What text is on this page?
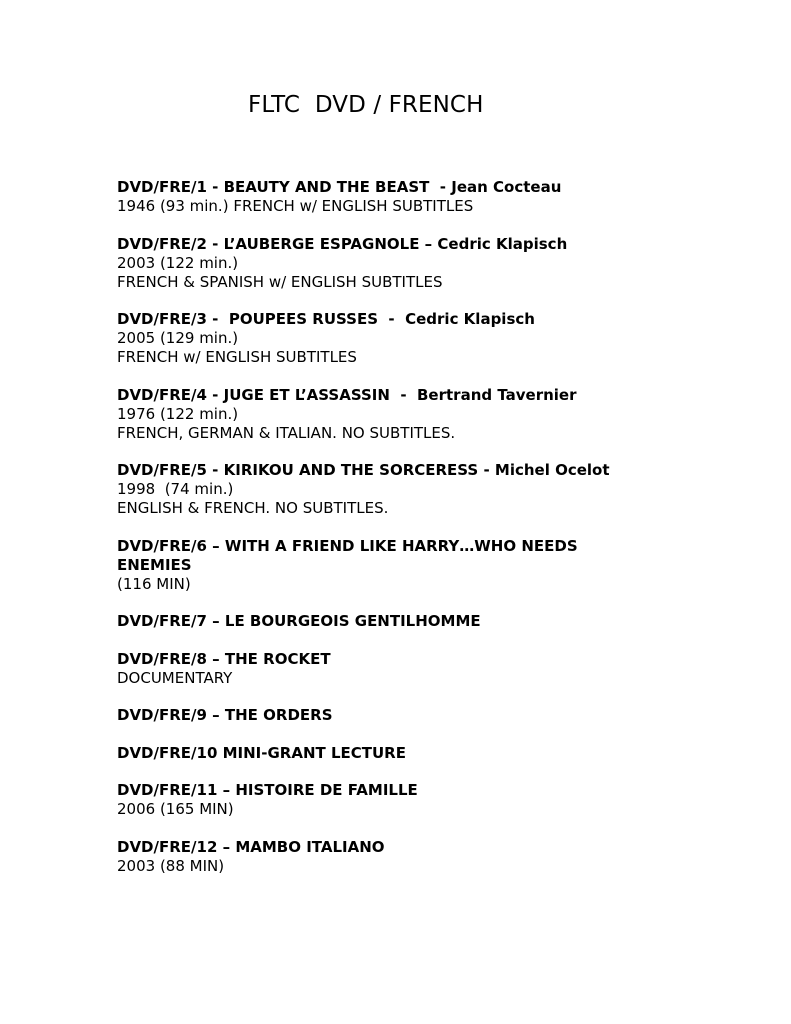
FLTC  DVD / FRENCH
DVD/FRE/1 - BEAUTY AND THE BEAST  - Jean Cocteau
1946 (93 min.) FRENCH w/ ENGLISH SUBTITLES
DVD/FRE/2 - L’AUBERGE ESPAGNOLE – Cedric Klapisch
2003 (122 min.)
FRENCH & SPANISH w/ ENGLISH SUBTITLES
DVD/FRE/3 -  POUPEES RUSSES  -  Cedric Klapisch
2005 (129 min.)
FRENCH w/ ENGLISH SUBTITLES
DVD/FRE/4 - JUGE ET L’ASSASSIN  -  Bertrand Tavernier
1976 (122 min.)
FRENCH, GERMAN & ITALIAN. NO SUBTITLES.
DVD/FRE/5 - KIRIKOU AND THE SORCERESS - Michel Ocelot
1998  (74 min.)
ENGLISH & FRENCH. NO SUBTITLES.
DVD/FRE/6 – WITH A FRIEND LIKE HARRY…WHO NEEDS ENEMIES
(116 MIN)
DVD/FRE/7 – LE BOURGEOIS GENTILHOMME
DVD/FRE/8 – THE ROCKET
DOCUMENTARY
DVD/FRE/9 – THE ORDERS
DVD/FRE/10 MINI-GRANT LECTURE
DVD/FRE/11 – HISTOIRE DE FAMILLE
2006 (165 MIN)
DVD/FRE/12 – MAMBO ITALIANO
2003 (88 MIN)
